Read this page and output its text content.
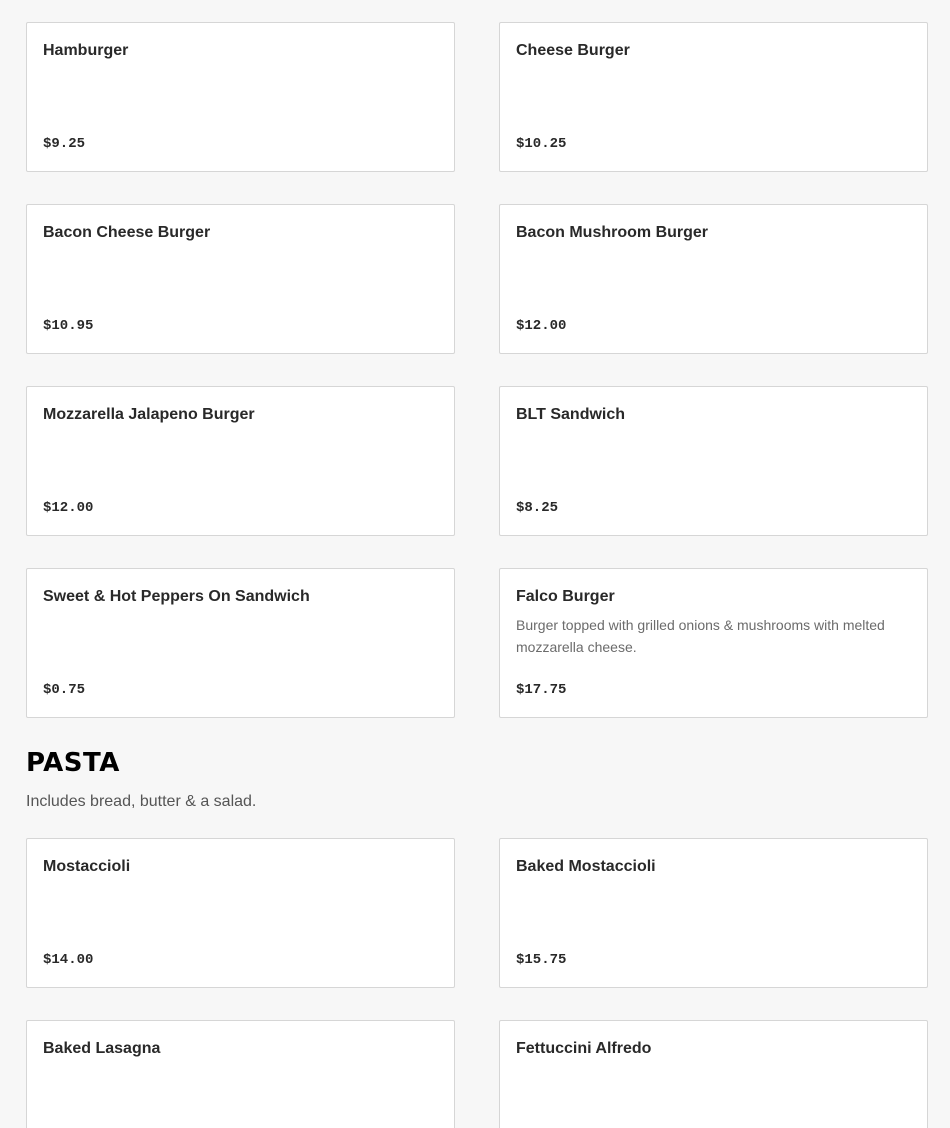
Hamburger
$9.25
Cheese Burger
$10.25
Bacon Cheese Burger
$10.95
Bacon Mushroom Burger
$12.00
Mozzarella Jalapeno Burger
$12.00
BLT Sandwich
$8.25
Sweet & Hot Peppers On Sandwich
$0.75
Falco Burger
Burger topped with grilled onions & mushrooms with melted mozzarella cheese.
$17.75
PASTA
Includes bread, butter & a salad.
Mostaccioli
$14.00
Baked Mostaccioli
$15.75
Baked Lasagna	Fettuccini Alfredo
